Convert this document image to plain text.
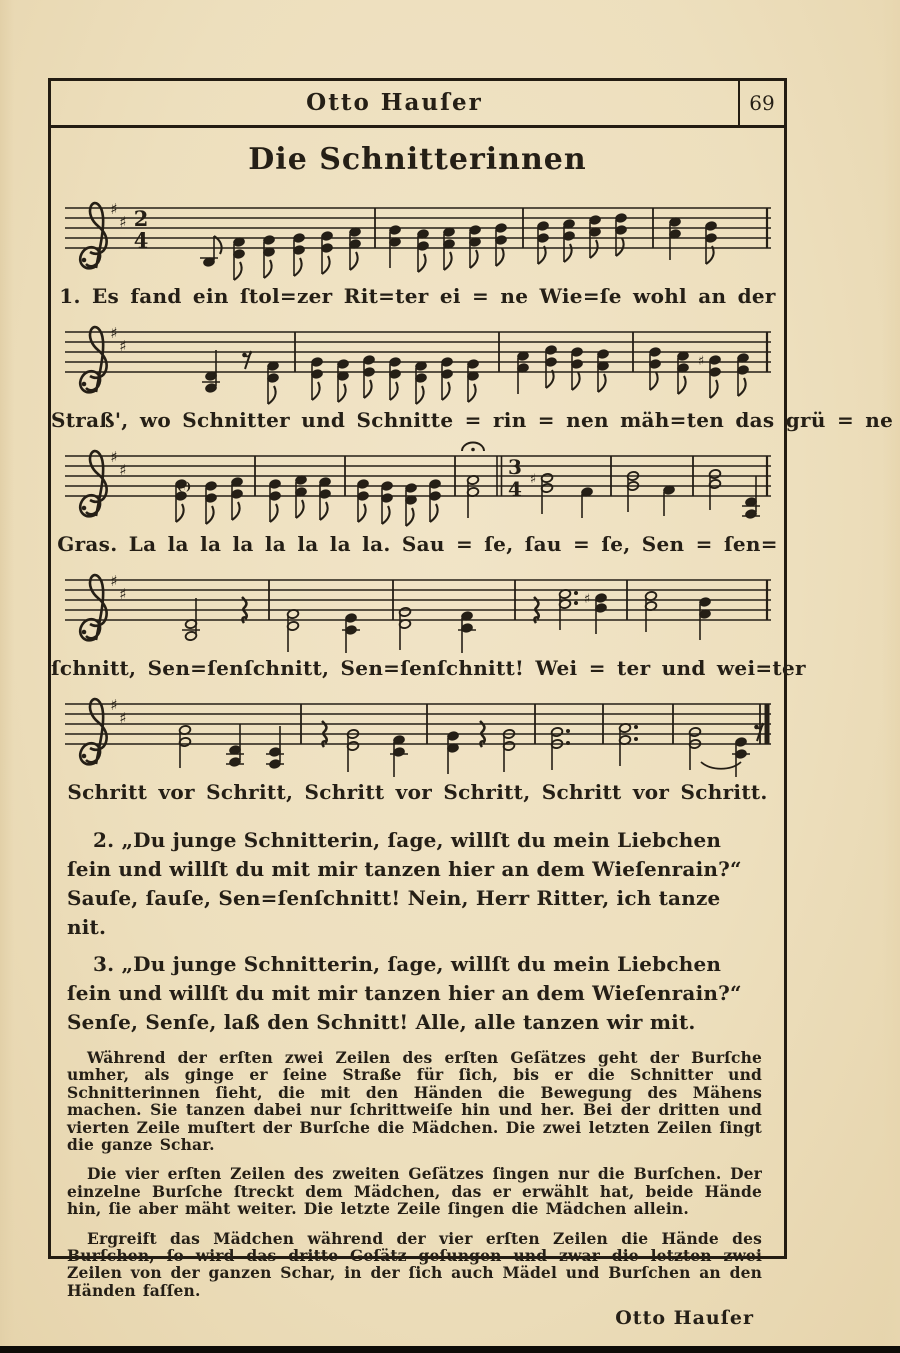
Otto Hauſer	69
Die Schnitterinnen
♯
♯ 2
4
1. Es fand ein ſtol=zer Rit=ter ei = ne Wie=ſe wohl an der
♯
♯
♯
Straß', wo Schnitter und Schnitte = rin = nen mäh=ten das grü = ne
♯
♯	3
4
(♮)	♯
Gras. La la la la la la la la. Sau = ſe, ſau = ſe, Sen = ſen=
♯
♯	♯
ſchnitt, Sen=ſenſchnitt, Sen=ſenſchnitt! Wei = ter und wei=ter
♯
♯
Schritt vor Schritt, Schritt vor Schritt, Schritt vor Schritt.

2. „Du junge Schnitterin, ſage, willſt du mein Liebchen ſein und willſt du mit mir tanzen hier an dem Wieſenrain?“ Sauſe, ſauſe, Sen=ſenſchnitt! Nein, Herr Ritter, ich tanze nit.

3. „Du junge Schnitterin, ſage, willſt du mein Liebchen ſein und willſt du mit mir tanzen hier an dem Wieſenrain?“ Senſe, Senſe, laß den Schnitt! Alle, alle tanzen wir mit.

Während der erſten zwei Zeilen des erſten Geſätzes geht der Burſche umher, als ginge er ſeine Straße für ſich, bis er die Schnitter und Schnitterinnen ſieht, die mit den Händen die Bewegung des Mähens machen. Sie tanzen dabei nur ſchrittweiſe hin und her. Bei der dritten und vierten Zeile muſtert der Burſche die Mädchen. Die zwei letzten Zeilen ſingt die ganze Schar.

Die vier erſten Zeilen des zweiten Geſätzes ſingen nur die Burſchen. Der einzelne Burſche ſtreckt dem Mädchen, das er erwählt hat, beide Hände hin, ſie aber mäht weiter. Die letzte Zeile ſingen die Mädchen allein.

Ergreift das Mädchen während der vier erſten Zeilen die Hände des Burſchen, ſo wird das dritte Geſätz geſungen und zwar die letzten zwei Zeilen von der ganzen Schar, in der ſich auch Mädel und Burſchen an den Händen faſſen.

Otto Hauſer
